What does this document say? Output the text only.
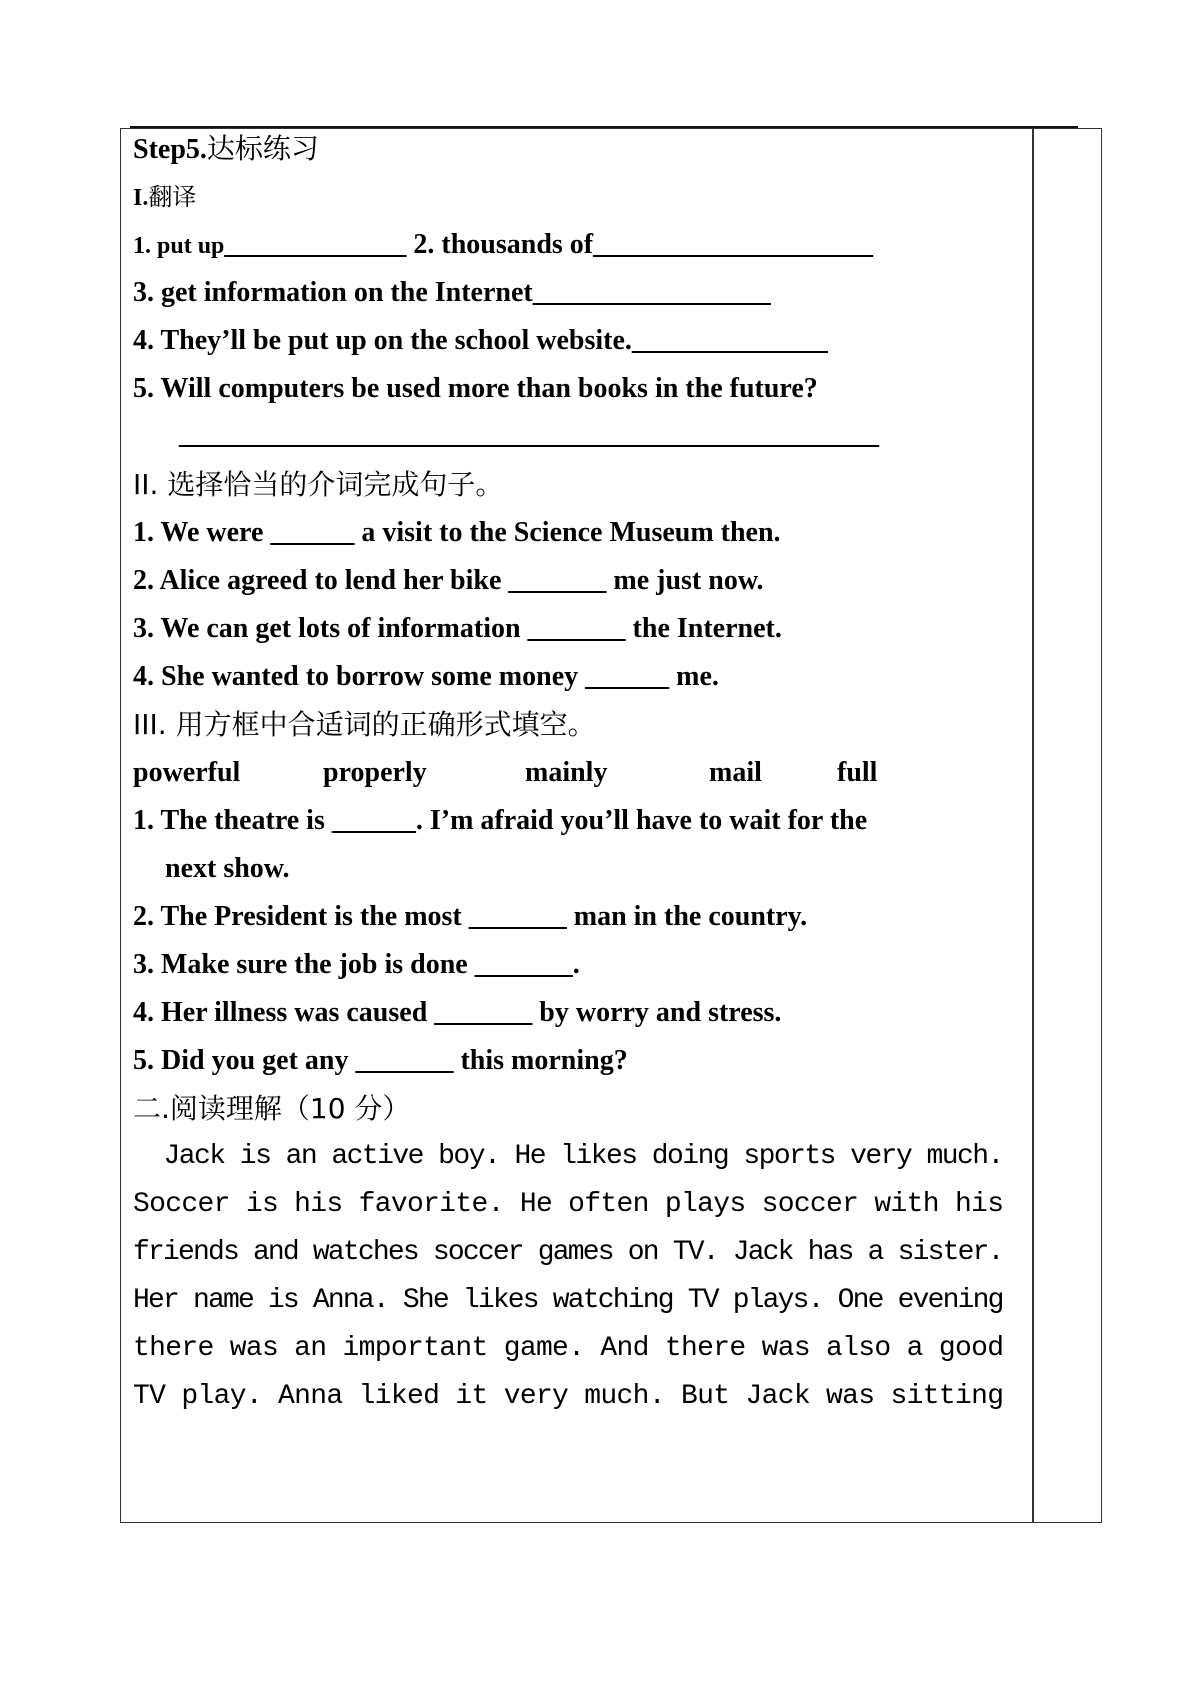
Step5.达标练习
I.翻译
1. put up_____________ 2. thousands of____________________
3. get information on the Internet_________________
4. They’ll be put up on the school website.______________
5. Will computers be used more than books in the future?
__________________________________________________
II. 选择恰当的介词完成句子。
1. We were ______ a visit to the Science Museum then.
2. Alice agreed to lend her bike _______ me just now.
3. We can get lots of information _______ the Internet.
4. She wanted to borrow some money ______ me.
III. 用方框中合适词的正确形式填空。
powerful	properly	mainly	mail	full
1. The theatre is ______. I’m afraid you’ll have to wait for the
next show.
2. The President is the most _______ man in the country.
3. Make sure the job is done _______.
4. Her illness was caused _______ by worry and stress.
5. Did you get any _______ this morning?
二.阅读理解（10 分）
Jack is an active boy. He likes doing sports very much.
Soccer is his favorite. He often plays soccer with his
friends and watches soccer games on TV. Jack has a sister.
Her name is Anna. She likes watching TV plays. One evening
there was an important game. And there was also a good
TV play. Anna liked it very much. But Jack was sitting
